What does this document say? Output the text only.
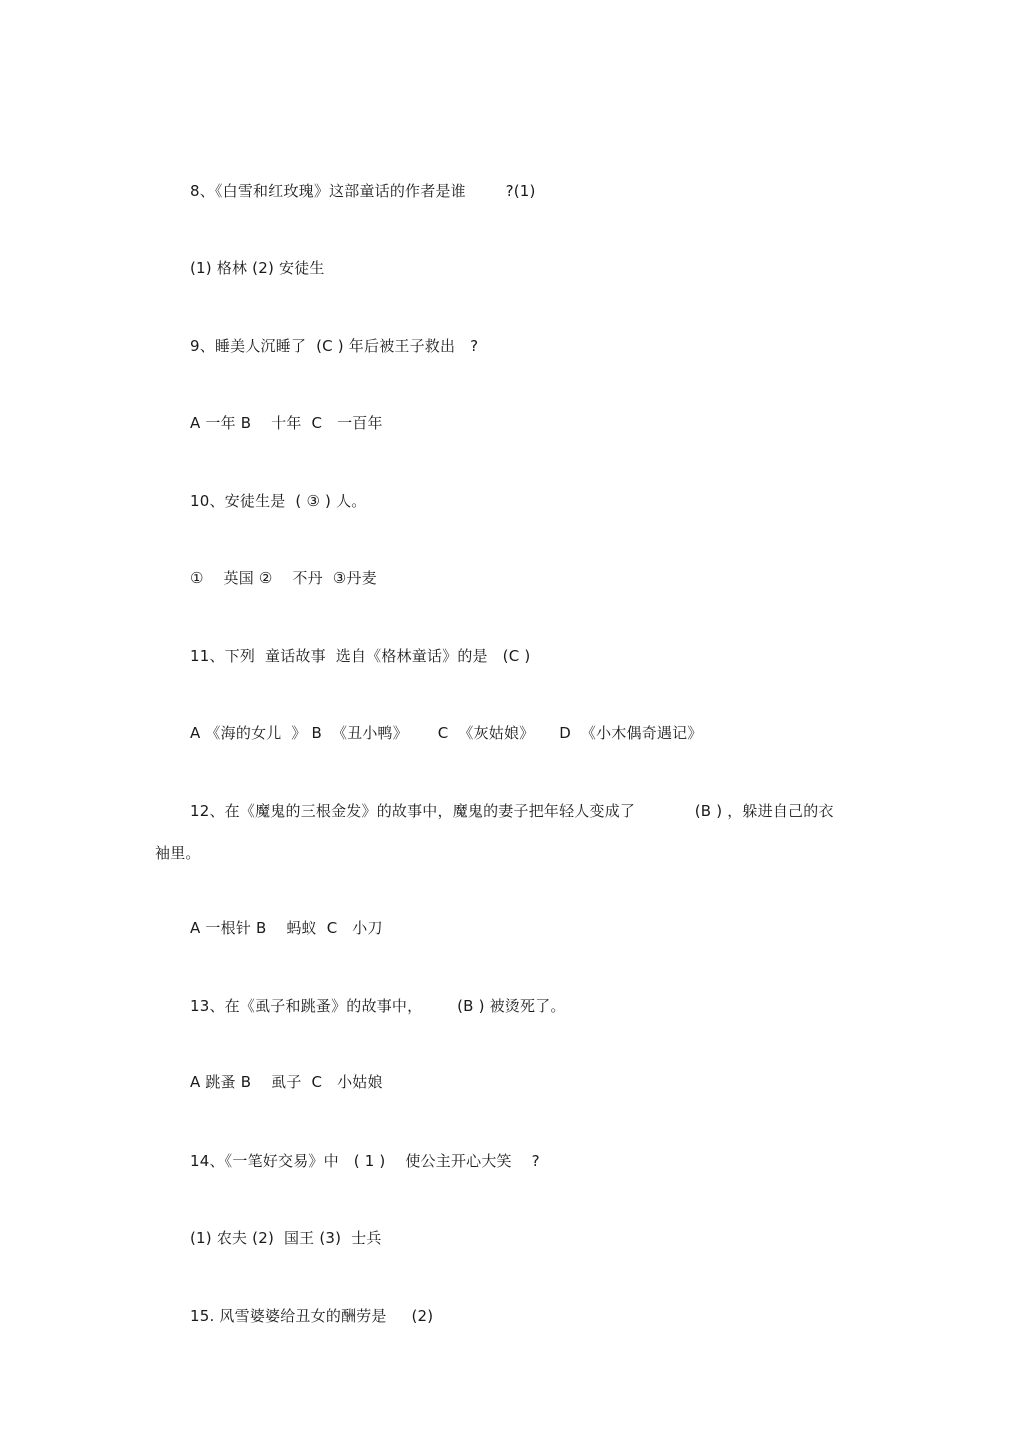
8、《白雪和红玫瑰》这部童话的作者是谁        ?(1)
(1) 格林 (2) 安徒生
9、睡美人沉睡了  (C ) 年后被王子救出   ?
A 一年 B    十年  C   一百年
10、安徒生是  ( ③ ) 人。
①    英国 ②    不丹  ③丹麦
11、下列  童话故事  选自《格林童话》的是   (C )
A 《海的女儿  》 B  《丑小鸭》      C  《灰姑娘》     D  《小木偶奇遇记》
12、在《魔鬼的三根金发》的故事中，魔鬼的妻子把年轻人变成了            (B ) ，躲进自己的衣
袖里。
A 一根针 B    蚂蚁  C   小刀
13、在《虱子和跳蚤》的故事中，       (B ) 被烫死了。
A 跳蚤 B    虱子  C   小姑娘
14、《一笔好交易》中   ( 1 )    使公主开心大笑    ?
(1) 农夫 (2)  国王 (3)  士兵
15. 风雪婆婆给丑女的酬劳是     (2)
